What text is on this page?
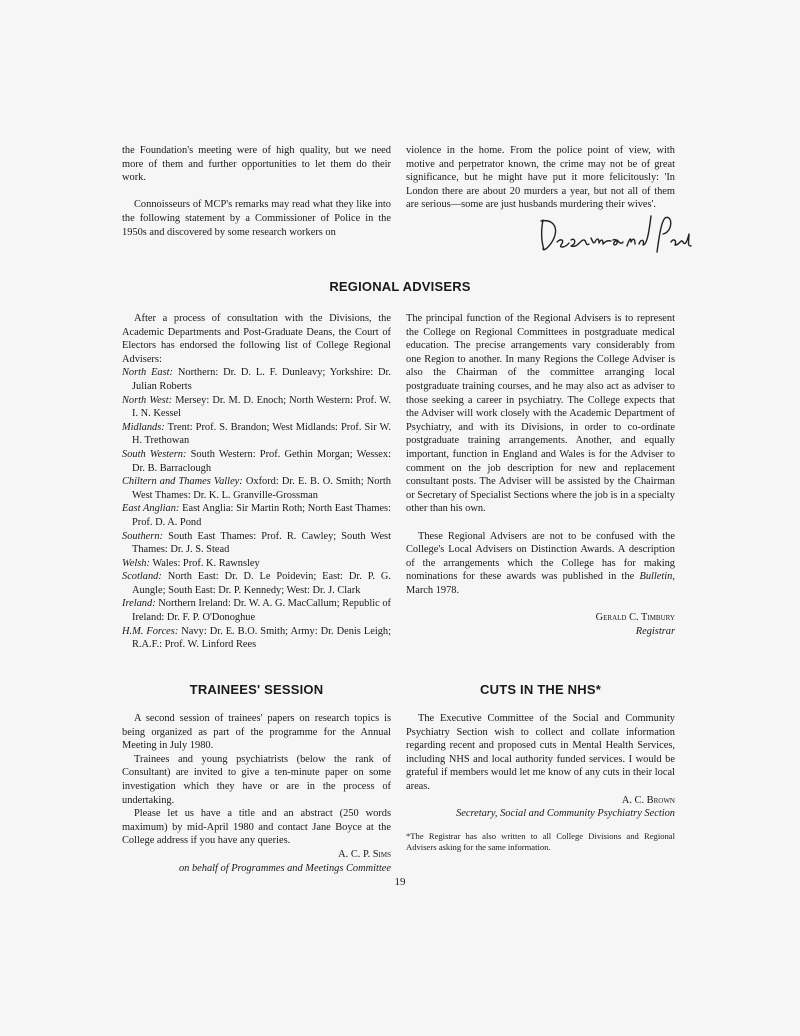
the Foundation's meeting were of high quality, but we need more of them and further opportunities to let them do their work.

Connoisseurs of MCP's remarks may read what they like into the following statement by a Commissioner of Police in the 1950s and discovered by some research workers on

violence in the home. From the police point of view, with motive and perpetrator known, the crime may not be of great significance, but he might have put it more felicitously: 'In London there are about 20 murders a year, but not all of them are serious—some are just husbands murdering their wives'.

REGIONAL ADVISERS

After a process of consultation with the Divisions, the Academic Departments and Post-Graduate Deans, the Court of Electors has endorsed the following list of College Regional Advisers:

North East: Northern: Dr. D. L. F. Dunleavy; Yorkshire: Dr. Julian Roberts

North West: Mersey: Dr. M. D. Enoch; North Western: Prof. W. I. N. Kessel

Midlands: Trent: Prof. S. Brandon; West Midlands: Prof. Sir W. H. Trethowan

South Western: South Western: Prof. Gethin Morgan; Wessex: Dr. B. Barraclough

Chiltern and Thames Valley: Oxford: Dr. E. B. O. Smith; North West Thames: Dr. K. L. Granville-Grossman

East Anglian: East Anglia: Sir Martin Roth; North East Thames: Prof. D. A. Pond

Southern: South East Thames: Prof. R. Cawley; South West Thames: Dr. J. S. Stead

Welsh: Wales: Prof. K. Rawnsley

Scotland: North East: Dr. D. Le Poidevin; East: Dr. P. G. Aungle; South East: Dr. P. Kennedy; West: Dr. J. Clark

Ireland: Northern Ireland: Dr. W. A. G. MacCallum; Republic of Ireland: Dr. F. P. O'Donoghue

H.M. Forces: Navy: Dr. E. B.O. Smith; Army: Dr. Denis Leigh; R.A.F.: Prof. W. Linford Rees

The principal function of the Regional Advisers is to represent the College on Regional Committees in postgraduate medical education. The precise arrangements vary considerably from one Region to another. In many Regions the College Adviser is also the Chairman of the committee arranging local postgraduate training courses, and he may also act as adviser to those seeking a career in psychiatry. The College expects that the Adviser will work closely with the Academic Department of Psychiatry, and with its Divisions, in order to co-ordinate postgraduate training arrangements. Another, and equally important, function in England and Wales is for the Adviser to comment on the job description for new and replacement consultant posts. The Adviser will be assisted by the Chairman or Secretary of Specialist Sections where the job is in a specialty other than his own.

These Regional Advisers are not to be confused with the College's Local Advisers on Distinction Awards. A description of the arrangements which the College has for making nominations for these awards was published in the Bulletin, March 1978.

Gerald C. Timbury

Registrar

TRAINEES' SESSION

A second session of trainees' papers on research topics is being organized as part of the programme for the Annual Meeting in July 1980.

Trainees and young psychiatrists (below the rank of Consultant) are invited to give a ten-minute paper on some investigation which they have or are in the process of undertaking.

Please let us have a title and an abstract (250 words maximum) by mid-April 1980 and contact Jane Boyce at the College address if you have any queries.

A. C. P. Sims

on behalf of Programmes and Meetings Committee

CUTS IN THE NHS*

The Executive Committee of the Social and Community Psychiatry Section wish to collect and collate information regarding recent and proposed cuts in Mental Health Services, including NHS and local authority funded services. I would be grateful if members would let me know of any cuts in their local areas.

A. C. Brown

Secretary, Social and Community Psychiatry Section

*The Registrar has also written to all College Divisions and Regional Advisers asking for the same information.

19
